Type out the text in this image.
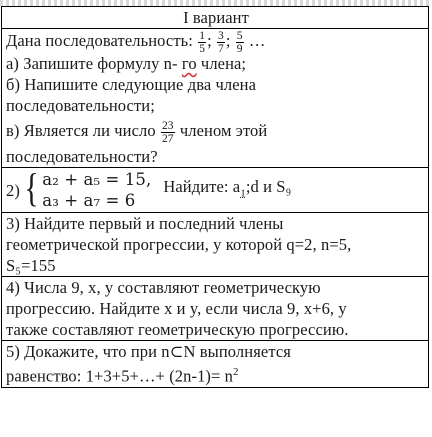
I вариант

Дана последовательность: $\frac{1}{5}$ ; $\frac{3}{7}$ ; $\frac{5}{9}$ …
а) Запишите формулу n- го члена;
б) Напишите следующие два члена
последовательности;
в) Является ли число $\frac{23}{27}$ членом этой
последовательности?

2) { a₂ + a₅ = 15,
a₃ + a₇ = 6
Найдите: $a_1;d$ и S₉

3) Найдите первый и последний члены
геометрической прогрессии, у которой q=2, n=5,
S₅=155

4) Числа 9, x, y составляют геометрическую
прогрессию. Найдите x и y, если числа 9, x+6, y
также составляют геометрическую прогрессию.

5) Докажите, что при n⊂N выполняется
равенство: 1+3+5+…+ $(2n-1)= n^2$
